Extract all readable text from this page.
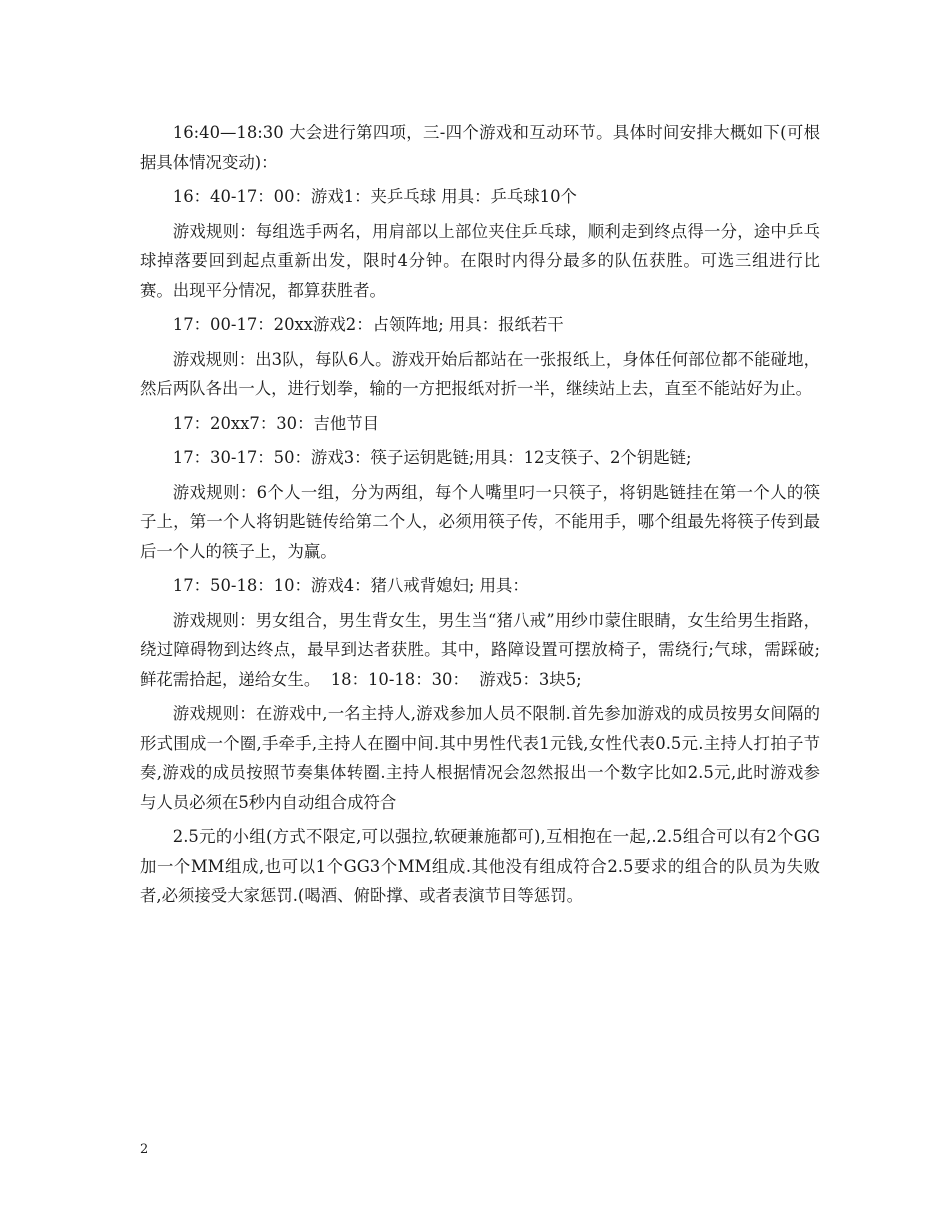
16:40—18:30 大会进行第四项，三-四个游戏和互动环节。具体时间安排大概如下(可根据具体情况变动)：

16：40-17：00：游戏1：夹乒乓球 用具：乒乓球10个

游戏规则：每组选手两名，用肩部以上部位夹住乒乓球，顺利走到终点得一分，途中乒乓球掉落要回到起点重新出发，限时4分钟。在限时内得分最多的队伍获胜。可选三组进行比赛。出现平分情况，都算获胜者。

17：00-17：20xx游戏2：占领阵地; 用具：报纸若干

游戏规则：出3队，每队6人。游戏开始后都站在一张报纸上，身体任何部位都不能碰地，然后两队各出一人，进行划拳，输的一方把报纸对折一半，继续站上去，直至不能站好为止。

17：20xx7：30：吉他节目

17：30-17：50：游戏3：筷子运钥匙链;用具：12支筷子、2个钥匙链;

游戏规则：6个人一组，分为两组，每个人嘴里叼一只筷子，将钥匙链挂在第一个人的筷子上，第一个人将钥匙链传给第二个人，必须用筷子传，不能用手，哪个组最先将筷子传到最后一个人的筷子上，为赢。

17：50-18：10：游戏4：猪八戒背媳妇; 用具：

游戏规则：男女组合，男生背女生，男生当“猪八戒”用纱巾蒙住眼睛，女生给男生指路，绕过障碍物到达终点，最早到达者获胜。其中，路障设置可摆放椅子，需绕行;气球，需踩破;鲜花需拾起，递给女生。  18：10-18：30：  游戏5：3块5;

游戏规则：在游戏中,一名主持人,游戏参加人员不限制.首先参加游戏的成员按男女间隔的形式围成一个圈,手牵手,主持人在圈中间.其中男性代表1元钱,女性代表0.5元.主持人打拍子节奏,游戏的成员按照节奏集体转圈.主持人根据情况会忽然报出一个数字比如2.5元,此时游戏参与人员必须在5秒内自动组合成符合

2.5元的小组(方式不限定,可以强拉,软硬兼施都可),互相抱在一起,.2.5组合可以有2个GG加一个MM组成,也可以1个GG3个MM组成.其他没有组成符合2.5要求的组合的队员为失败者,必须接受大家惩罚.(喝酒、俯卧撑、或者表演节目等惩罚。

2
